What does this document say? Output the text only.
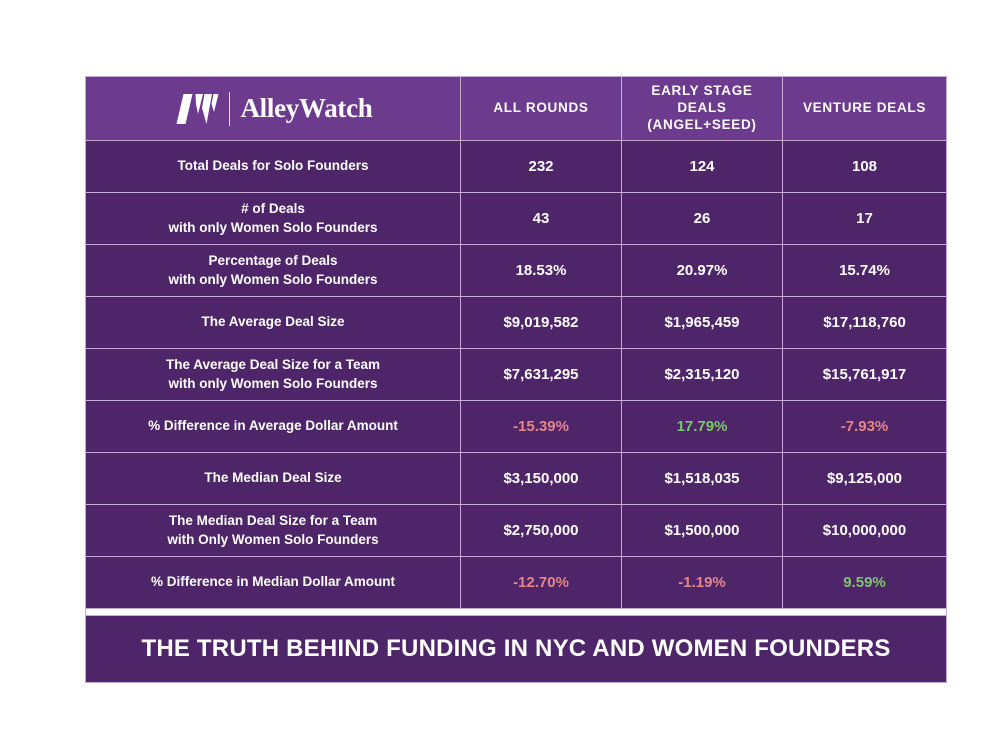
AlleyWatch	ALL ROUNDS	EARLY STAGE
DEALS
(ANGEL+SEED)	VENTURE DEALS

Total Deals for Solo Founders	232	124	108

# of Deals
with only Women Solo Founders	43	26	17

Percentage of Deals
with only Women Solo Founders	18.53%	20.97%	15.74%

The Average Deal Size	$9,019,582	$1,965,459	$17,118,760

The Average Deal Size for a Team
with only Women Solo Founders	$7,631,295	$2,315,120	$15,761,917

% Difference in Average Dollar Amount	-15.39%	17.79%	-7.93%

The Median Deal Size	$3,150,000	$1,518,035	$9,125,000

The Median Deal Size for a Team
with Only Women Solo Founders	$2,750,000	$1,500,000	$10,000,000

% Difference in Median Dollar Amount	-12.70%	-1.19%	9.59%

THE TRUTH BEHIND FUNDING IN NYC AND WOMEN FOUNDERS			
